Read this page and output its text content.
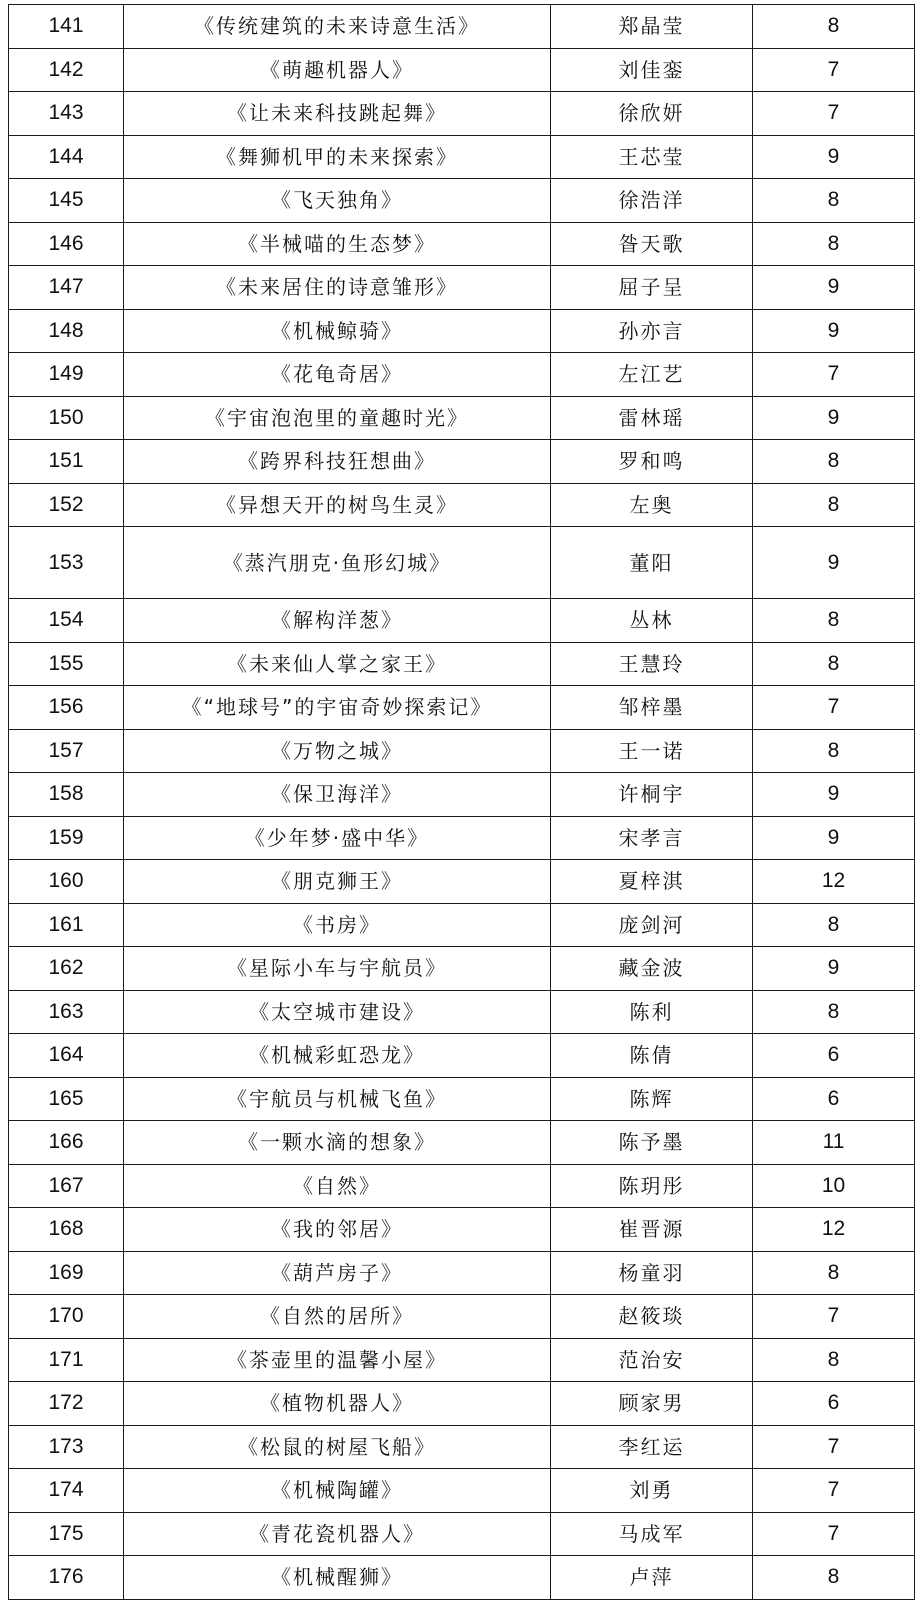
141	《传统建筑的未来诗意生活》	郑晶莹	8
142	《萌趣机器人》	刘佳銮	7
143	《让未来科技跳起舞》	徐欣妍	7
144	《舞狮机甲的未来探索》	王芯莹	9
145	《飞天独角》	徐浩洋	8
146	《半械喵的生态梦》	昝天歌	8
147	《未来居住的诗意雏形》	屈子呈	9
148	《机械鲸骑》	孙亦言	9
149	《花龟奇居》	左江艺	7
150	《宇宙泡泡里的童趣时光》	雷林瑶	9
151	《跨界科技狂想曲》	罗和鸣	8
152	《异想天开的树鸟生灵》	左奥	8
153	《蒸汽朋克·鱼形幻城》	董阳	9
154	《解构洋葱》	丛林	8
155	《未来仙人掌之家王》	王慧玲	8
156	《“地球号”的宇宙奇妙探索记》	邹梓墨	7
157	《万物之城》	王一诺	8
158	《保卫海洋》	许桐宇	9
159	《少年梦·盛中华》	宋孝言	9
160	《朋克狮王》	夏梓淇	12
161	《书房》	庞剑河	8
162	《星际小车与宇航员》	藏金波	9
163	《太空城市建设》	陈利	8
164	《机械彩虹恐龙》	陈倩	6
165	《宇航员与机械飞鱼》	陈辉	6
166	《一颗水滴的想象》	陈予墨	11
167	《自然》	陈玥彤	10
168	《我的邻居》	崔晋源	12
169	《葫芦房子》	杨童羽	8
170	《自然的居所》	赵筱琰	7
171	《茶壶里的温馨小屋》	范治安	8
172	《植物机器人》	顾家男	6
173	《松鼠的树屋飞船》	李红运	7
174	《机械陶罐》	刘勇	7
175	《青花瓷机器人》	马成军	7
176	《机械醒狮》	卢萍	8
